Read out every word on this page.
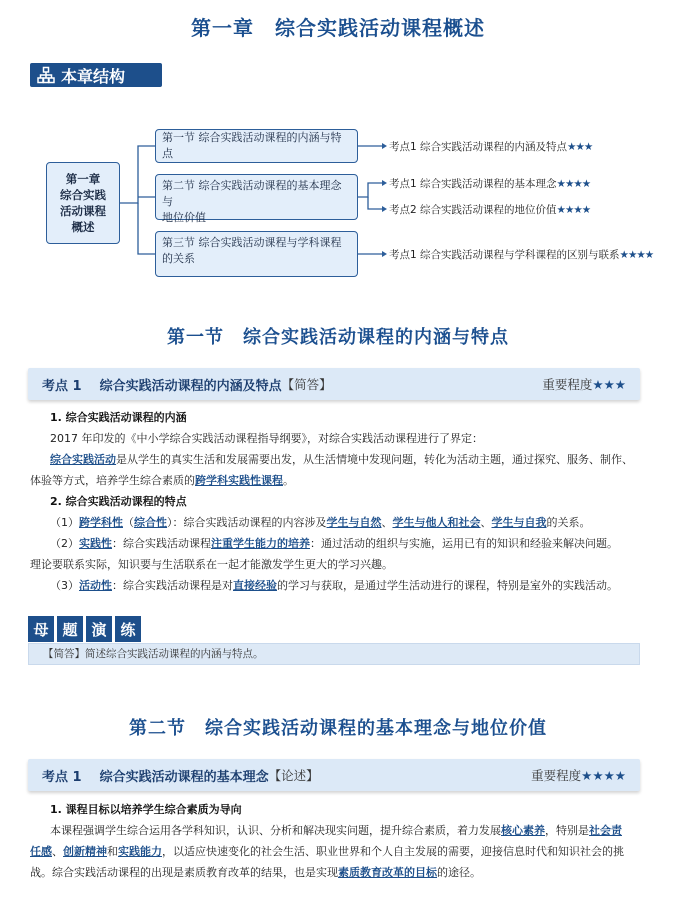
第一章　综合实践活动课程概述
本章结构
第一章
综合实践
活动课程
概述
第一节 综合实践活动课程的内涵与特点
第二节 综合实践活动课程的基本理念与
地位价值
第三节 综合实践活动课程与学科课程
的关系
考点1 综合实践活动课程的内涵及特点★★★
考点1 综合实践活动课程的基本理念★★★★
考点2 综合实践活动课程的地位价值★★★★
考点1 综合实践活动课程与学科课程的区别与联系★★★★
第一节　综合实践活动课程的内涵与特点
考点 1 综合实践活动课程的内涵及特点 【简答】	重要程度★★★
1. 综合实践活动课程的内涵
2017 年印发的《中小学综合实践活动课程指导纲要》，对综合实践活动课程进行了界定：
综合实践活动是从学生的真实生活和发展需要出发，从生活情境中发现问题，转化为活动主题，通过探究、服务、制作、
体验等方式，培养学生综合素质的跨学科实践性课程。
2. 综合实践活动课程的特点
（1）跨学科性（综合性）：综合实践活动课程的内容涉及学生与自然、学生与他人和社会、学生与自我的关系。
（2）实践性：综合实践活动课程注重学生能力的培养：通过活动的组织与实施，运用已有的知识和经验来解决问题。
理论要联系实际，知识要与生活联系在一起才能激发学生更大的学习兴趣。
（3）活动性：综合实践活动课程是对直接经验的学习与获取，是通过学生活动进行的课程，特别是室外的实践活动。
母 题 演 练
【简答】简述综合实践活动课程的内涵与特点。
第二节　综合实践活动课程的基本理念与地位价值
考点 1 综合实践活动课程的基本理念 【论述】	重要程度★★★★
1. 课程目标以培养学生综合素质为导向
本课程强调学生综合运用各学科知识，认识、分析和解决现实问题，提升综合素质，着力发展核心素养，特别是社会责
任感、创新精神和实践能力，以适应快速变化的社会生活、职业世界和个人自主发展的需要，迎接信息时代和知识社会的挑
战。综合实践活动课程的出现是素质教育改革的结果，也是实现素质教育改革的目标的途径。
